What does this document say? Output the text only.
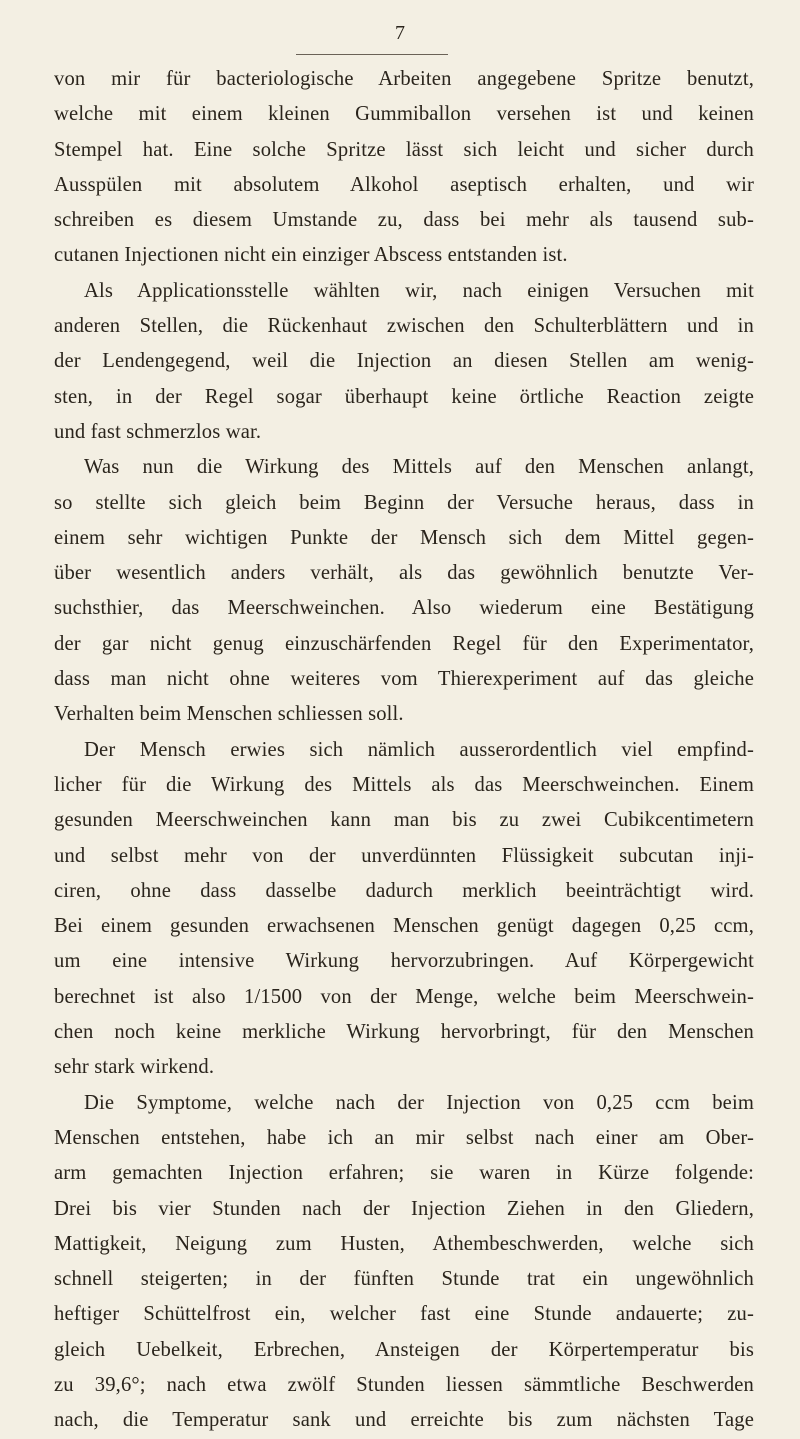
7
von mir für bacteriologische Arbeiten angegebene Spritze benutzt,
welche mit einem kleinen Gummiballon versehen ist und keinen
Stempel hat. Eine solche Spritze lässt sich leicht und sicher durch
Ausspülen mit absolutem Alkohol aseptisch erhalten, und wir
schreiben es diesem Umstande zu, dass bei mehr als tausend sub-
cutanen Injectionen nicht ein einziger Abscess entstanden ist.
Als Applicationsstelle wählten wir, nach einigen Versuchen mit
anderen Stellen, die Rückenhaut zwischen den Schulterblättern und in
der Lendengegend, weil die Injection an diesen Stellen am wenig-
sten, in der Regel sogar überhaupt keine örtliche Reaction zeigte
und fast schmerzlos war.
Was nun die Wirkung des Mittels auf den Menschen anlangt,
so stellte sich gleich beim Beginn der Versuche heraus, dass in
einem sehr wichtigen Punkte der Mensch sich dem Mittel gegen-
über wesentlich anders verhält, als das gewöhnlich benutzte Ver-
suchsthier, das Meerschweinchen. Also wiederum eine Bestätigung
der gar nicht genug einzuschärfenden Regel für den Experimentator,
dass man nicht ohne weiteres vom Thierexperiment auf das gleiche
Verhalten beim Menschen schliessen soll.
Der Mensch erwies sich nämlich ausserordentlich viel empfind-
licher für die Wirkung des Mittels als das Meerschweinchen. Einem
gesunden Meerschweinchen kann man bis zu zwei Cubikcentimetern
und selbst mehr von der unverdünnten Flüssigkeit subcutan inji-
ciren, ohne dass dasselbe dadurch merklich beeinträchtigt wird.
Bei einem gesunden erwachsenen Menschen genügt dagegen 0,25 ccm,
um eine intensive Wirkung hervorzubringen. Auf Körpergewicht
berechnet ist also 1/1500 von der Menge, welche beim Meerschwein-
chen noch keine merkliche Wirkung hervorbringt, für den Menschen
sehr stark wirkend.
Die Symptome, welche nach der Injection von 0,25 ccm beim
Menschen entstehen, habe ich an mir selbst nach einer am Ober-
arm gemachten Injection erfahren; sie waren in Kürze folgende:
Drei bis vier Stunden nach der Injection Ziehen in den Gliedern,
Mattigkeit, Neigung zum Husten, Athembeschwerden, welche sich
schnell steigerten; in der fünften Stunde trat ein ungewöhnlich
heftiger Schüttelfrost ein, welcher fast eine Stunde andauerte; zu-
gleich Uebelkeit, Erbrechen, Ansteigen der Körpertemperatur bis
zu 39,6°; nach etwa zwölf Stunden liessen sämmtliche Beschwerden
nach, die Temperatur sank und erreichte bis zum nächsten Tage
